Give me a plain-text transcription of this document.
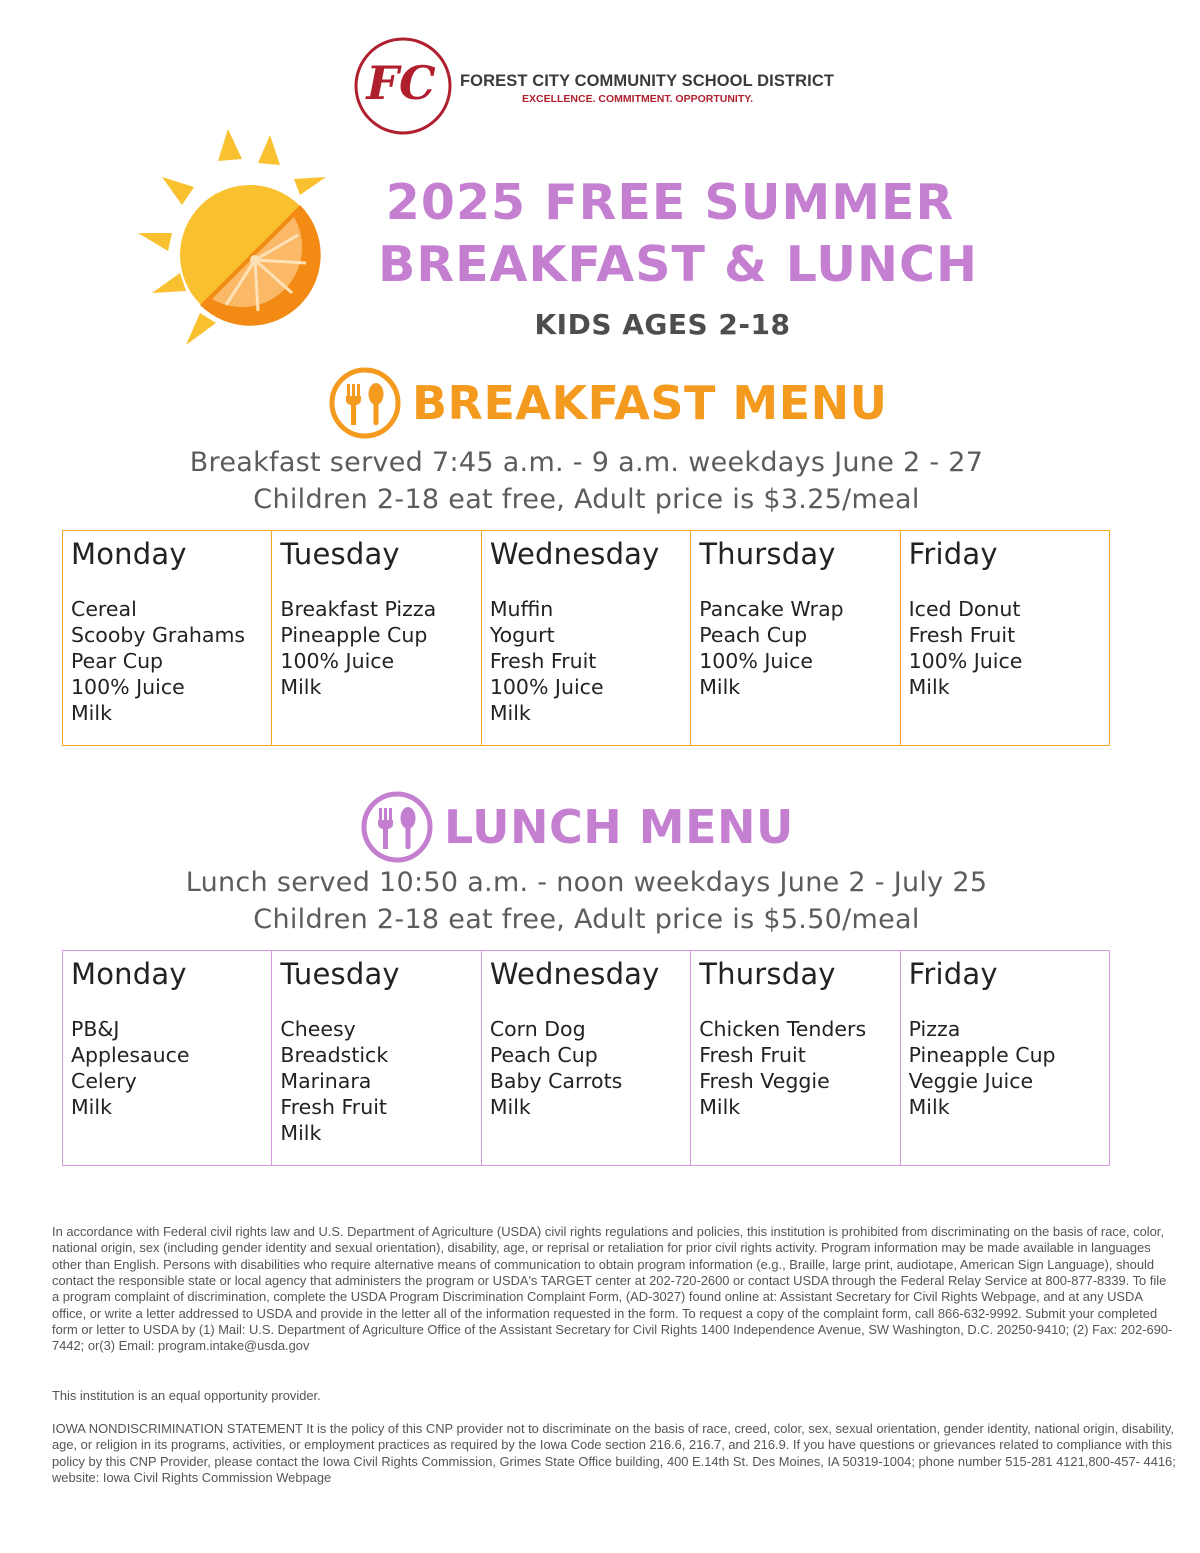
FC FOREST CITY COMMUNITY SCHOOL DISTRICT
EXCELLENCE. COMMITMENT. OPPORTUNITY.
2025 FREE SUMMER
BREAKFAST & LUNCH
KIDS AGES 2-18
BREAKFAST MENU
Breakfast served 7:45 a.m. - 9 a.m. weekdays June 2 - 27
Children 2-18 eat free, Adult price is $3.25/meal
Monday
Cereal
Scooby Grahams
Pear Cup
100% Juice
Milk
Tuesday
Breakfast Pizza
Pineapple Cup
100% Juice
Milk
Wednesday
Muffin
Yogurt
Fresh Fruit
100% Juice
Milk
Thursday
Pancake Wrap
Peach Cup
100% Juice
Milk
Friday
Iced Donut
Fresh Fruit
100% Juice
Milk
LUNCH MENU
Lunch served 10:50 a.m. - noon weekdays June 2 - July 25
Children 2-18 eat free, Adult price is $5.50/meal
Monday
PB&J
Applesauce
Celery
Milk
Tuesday
Cheesy
Breadstick
Marinara
Fresh Fruit
Milk
Wednesday
Corn Dog
Peach Cup
Baby Carrots
Milk
Thursday
Chicken Tenders
Fresh Fruit
Fresh Veggie
Milk
Friday
Pizza
Pineapple Cup
Veggie Juice
Milk
In accordance with Federal civil rights law and U.S. Department of Agriculture (USDA) civil rights regulations and policies, this institution is prohibited from discriminating on the basis of race, color, national origin, sex (including gender identity and sexual orientation), disability, age, or reprisal or retaliation for prior civil rights activity. Program information may be made available in languages other than English. Persons with disabilities who require alternative means of communication to obtain program information (e.g., Braille, large print, audiotape, American Sign Language), should contact the responsible state or local agency that administers the program or USDA's TARGET center at 202-720-2600 or contact USDA through the Federal Relay Service at 800-877-8339. To file a program complaint of discrimination, complete the USDA Program Discrimination Complaint Form, (AD-3027) found online at: Assistant Secretary for Civil Rights Webpage, and at any USDA office, or write a letter addressed to USDA and provide in the letter all of the information requested in the form. To request a copy of the complaint form, call 866-632-9992. Submit your completed form or letter to USDA by (1) Mail: U.S. Department of Agriculture Office of the Assistant Secretary for Civil Rights 1400 Independence Avenue, SW Washington, D.C. 20250-9410; (2) Fax: 202-690-7442; or(3) Email: program.intake@usda.gov
This institution is an equal opportunity provider.
IOWA NONDISCRIMINATION STATEMENT It is the policy of this CNP provider not to discriminate on the basis of race, creed, color, sex, sexual orientation, gender identity, national origin, disability, age, or religion in its programs, activities, or employment practices as required by the Iowa Code section 216.6, 216.7, and 216.9. If you have questions or grievances related to compliance with this policy by this CNP Provider, please contact the Iowa Civil Rights Commission, Grimes State Office building, 400 E.14th St. Des Moines, IA 50319-1004; phone number 515-281 4121,800-457- 4416; website: Iowa Civil Rights Commission Webpage
